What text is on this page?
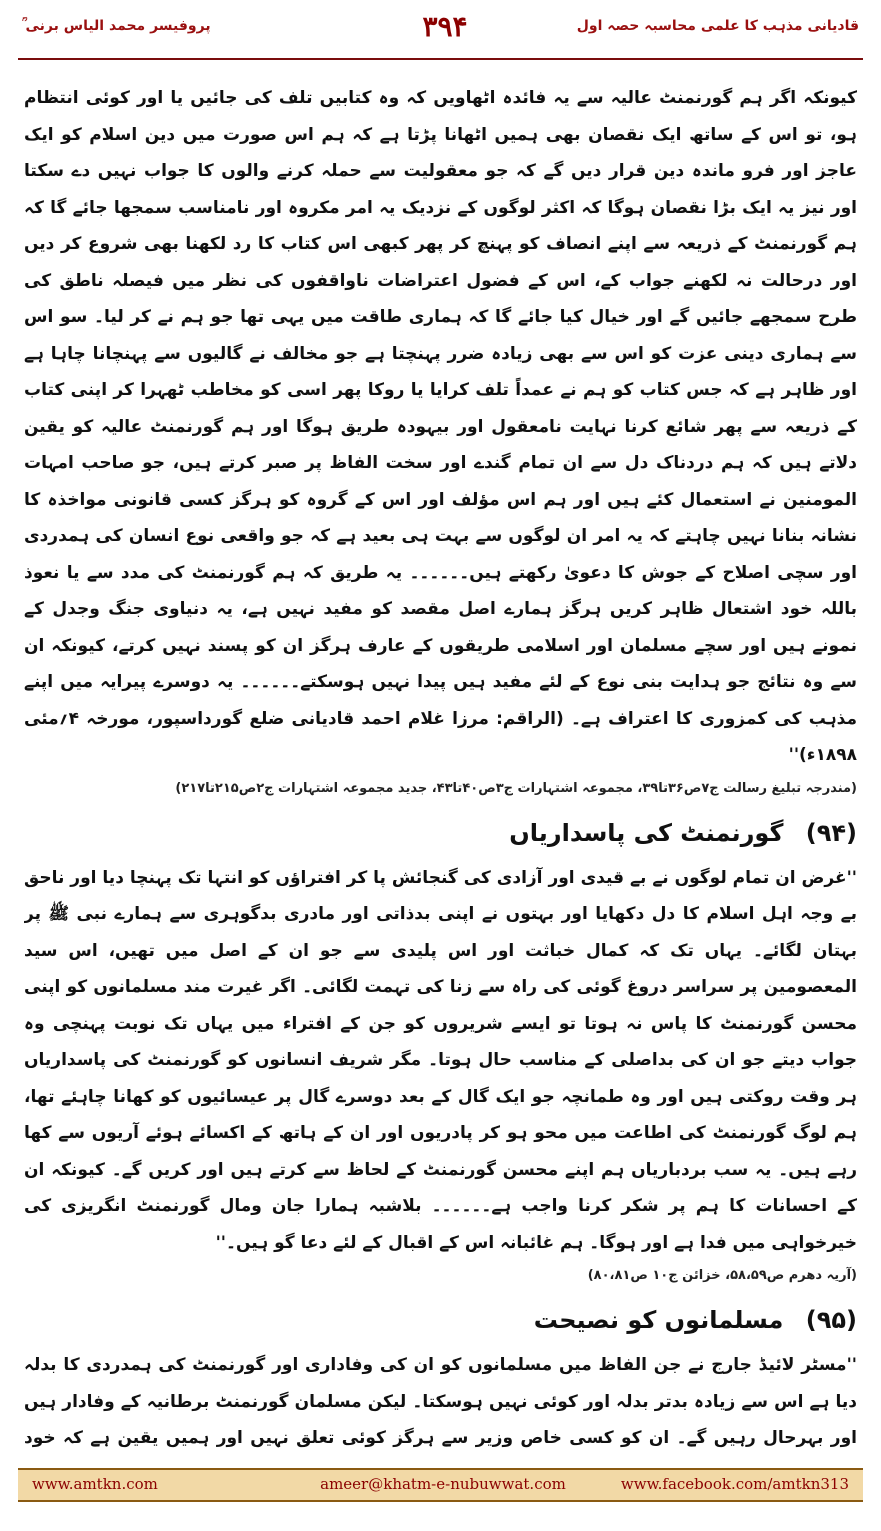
پروفیسر محمد الیاس برنی ؒ	۳۹۴	قادیانی مذہب کا علمی محاسبہ حصہ اول

کیونکہ اگر ہم گورنمنٹ عالیہ سے یہ فائدہ اٹھاویں کہ وہ کتابیں تلف کی جائیں یا اور کوئی انتظام ہو، تو اس کے ساتھ ایک نقصان بھی ہمیں اٹھانا پڑتا ہے کہ ہم اس صورت میں دین اسلام کو ایک عاجز اور فرو ماندہ دین قرار دیں گے کہ جو معقولیت سے حملہ کرنے والوں کا جواب نہیں دے سکتا اور نیز یہ ایک بڑا نقصان ہوگا کہ اکثر لوگوں کے نزدیک یہ امر مکروہ اور نامناسب سمجھا جائے گا کہ ہم گورنمنٹ کے ذریعہ سے اپنے انصاف کو پہنچ کر پھر کبھی اس کتاب کا رد لکھنا بھی شروع کر دیں اور درحالت نہ لکھنے جواب کے، اس کے فضول اعتراضات ناواقفوں کی نظر میں فیصلہ ناطق کی طرح سمجھے جائیں گے اور خیال کیا جائے گا کہ ہماری طاقت میں یہی تھا جو ہم نے کر لیا۔ سو اس سے ہماری دینی عزت کو اس سے بھی زیادہ ضرر پہنچتا ہے جو مخالف نے گالیوں سے پہنچانا چاہا ہے اور ظاہر ہے کہ جس کتاب کو ہم نے عمداً تلف کرایا یا روکا پھر اسی کو مخاطب ٹھہرا کر اپنی کتاب کے ذریعہ سے پھر شائع کرنا نہایت نامعقول اور بیہودہ طریق ہوگا اور ہم گورنمنٹ عالیہ کو یقین دلاتے ہیں کہ ہم دردناک دل سے ان تمام گندے اور سخت الفاظ پر صبر کرتے ہیں، جو صاحب امہات المومنین نے استعمال کئے ہیں اور ہم اس مؤلف اور اس کے گروہ کو ہرگز کسی قانونی مواخذہ کا نشانہ بنانا نہیں چاہتے کہ یہ امر ان لوگوں سے بہت ہی بعید ہے کہ جو واقعی نوع انسان کی ہمدردی اور سچی اصلاح کے جوش کا دعویٰ رکھتے ہیں۔۔۔۔۔۔ یہ طریق کہ ہم گورنمنٹ کی مدد سے یا نعوذ باللہ خود اشتعال ظاہر کریں ہرگز ہمارے اصل مقصد کو مفید نہیں ہے، یہ دنیاوی جنگ وجدل کے نمونے ہیں اور سچے مسلمان اور اسلامی طریقوں کے عارف ہرگز ان کو پسند نہیں کرتے، کیونکہ ان سے وہ نتائج جو ہدایت بنی نوع کے لئے مفید ہیں پیدا نہیں ہوسکتے۔۔۔۔۔۔ یہ دوسرے پیرایہ میں اپنے مذہب کی کمزوری کا اعتراف ہے۔ (الراقم: مرزا غلام احمد قادیانی ضلع گورداسپور، مورخہ ۴؍مئی ۱۸۹۸ء)''

(مندرجہ تبلیغ رسالت ج۷ص۳۶تا۳۹، مجموعہ اشتہارات ج۳ص۴۰تا۴۳، جدید مجموعہ اشتہارات ج۲ص۲۱۵تا۲۱۷)

(۹۴) گورنمنٹ کی پاسداریاں

''غرض ان تمام لوگوں نے بے قیدی اور آزادی کی گنجائش پا کر افتراؤں کو انتہا تک پہنچا دیا اور ناحق بے وجہ اہل اسلام کا دل دکھایا اور بہتوں نے اپنی بدذاتی اور مادری بدگوہری سے ہمارے نبی ﷺ پر بہتان لگائے۔ یہاں تک کہ کمال خباثت اور اس پلیدی سے جو ان کے اصل میں تھیں، اس سید المعصومین پر سراسر دروغ گوئی کی راہ سے زنا کی تہمت لگائی۔ اگر غیرت مند مسلمانوں کو اپنی محسن گورنمنٹ کا پاس نہ ہوتا تو ایسے شریروں کو جن کے افتراء میں یہاں تک نوبت پہنچی وہ جواب دیتے جو ان کی بداصلی کے مناسب حال ہوتا۔ مگر شریف انسانوں کو گورنمنٹ کی پاسداریاں ہر وقت روکتی ہیں اور وہ طمانچہ جو ایک گال کے بعد دوسرے گال پر عیسائیوں کو کھانا چاہئے تھا، ہم لوگ گورنمنٹ کی اطاعت میں محو ہو کر پادریوں اور ان کے ہاتھ کے اکسائے ہوئے آریوں سے کھا رہے ہیں۔ یہ سب بردباریاں ہم اپنے محسن گورنمنٹ کے لحاظ سے کرتے ہیں اور کریں گے۔ کیونکہ ان کے احسانات کا ہم پر شکر کرنا واجب ہے۔۔۔۔۔۔ بلاشبہ ہمارا جان ومال گورنمنٹ انگریزی کی خیرخواہی میں فدا ہے اور ہوگا۔ ہم غائبانہ اس کے اقبال کے لئے دعا گو ہیں۔''

(آریہ دھرم ص۵۸،۵۹، خزائن ج۱۰ ص۸۰،۸۱)

(۹۵) مسلمانوں کو نصیحت

''مسٹر لائیڈ جارج نے جن الفاظ میں مسلمانوں کو ان کی وفاداری اور گورنمنٹ کی ہمدردی کا بدلہ دیا ہے اس سے زیادہ بدتر بدلہ اور کوئی نہیں ہوسکتا۔ لیکن مسلمان گورنمنٹ برطانیہ کے وفادار ہیں اور بہرحال رہیں گے۔ ان کو کسی خاص وزیر سے ہرگز کوئی تعلق نہیں اور ہمیں یقین ہے کہ خود

www.amtkn.com	ameer@khatm-e-nubuwwat.com	www.facebook.com/amtkn313
